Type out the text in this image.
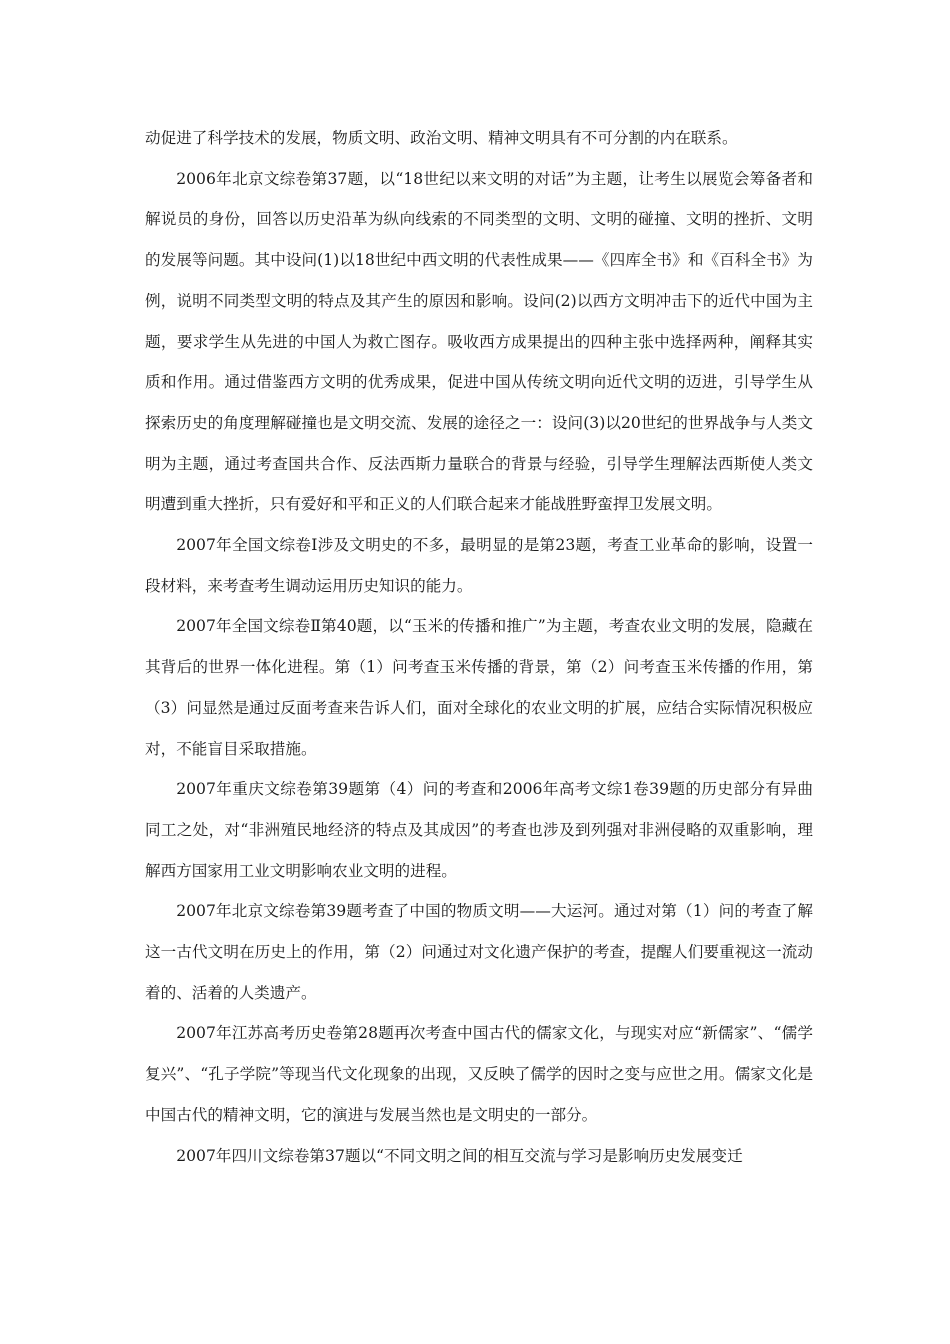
动促进了科学技术的发展，物质文明、政治文明、精神文明具有不可分割的内在联系。

2006年北京文综卷第37题，以“18世纪以来文明的对话”为主题，让考生以展览会筹备者和解说员的身份，回答以历史沿革为纵向线索的不同类型的文明、文明的碰撞、文明的挫折、文明的发展等问题。其中设问(1)以18世纪中西文明的代表性成果——《四库全书》和《百科全书》为例，说明不同类型文明的特点及其产生的原因和影响。设问(2)以西方文明冲击下的近代中国为主题，要求学生从先进的中国人为救亡图存。吸收西方成果提出的四种主张中选择两种，阐释其实质和作用。通过借鉴西方文明的优秀成果，促进中国从传统文明向近代文明的迈进，引导学生从探索历史的角度理解碰撞也是文明交流、发展的途径之一：设问(3)以20世纪的世界战争与人类文明为主题，通过考查国共合作、反法西斯力量联合的背景与经验，引导学生理解法西斯使人类文明遭到重大挫折，只有爱好和平和正义的人们联合起来才能战胜野蛮捍卫发展文明。

2007年全国文综卷I涉及文明史的不多，最明显的是第23题，考查工业革命的影响，设置一段材料，来考查考生调动运用历史知识的能力。

2007年全国文综卷Ⅱ第40题，以“玉米的传播和推广”为主题，考查农业文明的发展，隐藏在其背后的世界一体化进程。第（1）问考查玉米传播的背景，第（2）问考查玉米传播的作用，第（3）问显然是通过反面考查来告诉人们，面对全球化的农业文明的扩展，应结合实际情况积极应对，不能盲目采取措施。

2007年重庆文综卷第39题第（4）问的考查和2006年高考文综1卷39题的历史部分有异曲同工之处，对“非洲殖民地经济的特点及其成因”的考查也涉及到列强对非洲侵略的双重影响，理解西方国家用工业文明影响农业文明的进程。

2007年北京文综卷第39题考查了中国的物质文明——大运河。通过对第（1）问的考查了解这一古代文明在历史上的作用，第（2）问通过对文化遗产保护的考查，提醒人们要重视这一流动着的、活着的人类遗产。

2007年江苏高考历史卷第28题再次考查中国古代的儒家文化，与现实对应“新儒家”、“儒学复兴”、“孔子学院”等现当代文化现象的出现，又反映了儒学的因时之变与应世之用。儒家文化是中国古代的精神文明，它的演进与发展当然也是文明史的一部分。

2007年四川文综卷第37题以“不同文明之间的相互交流与学习是影响历史发展变迁
